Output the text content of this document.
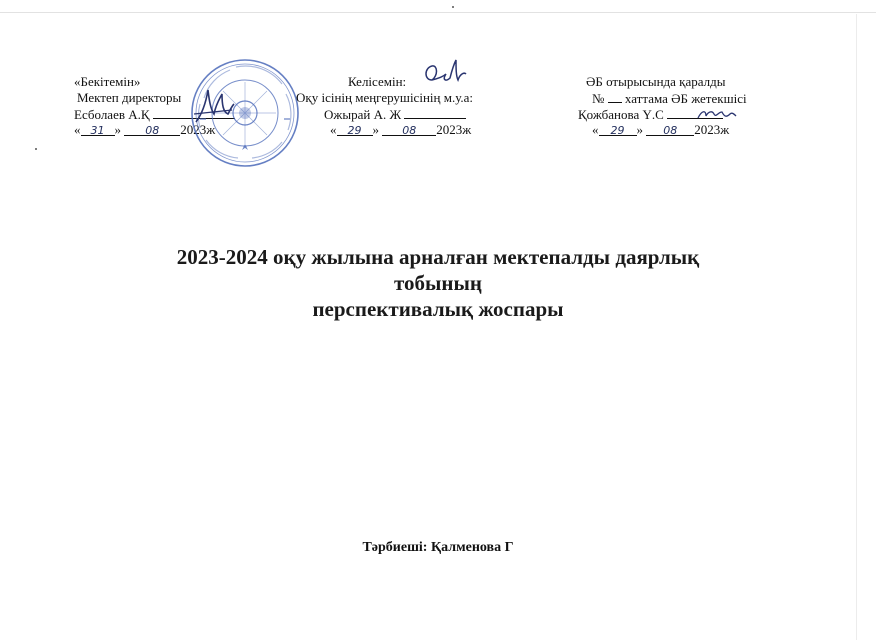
«Бекітемін»
Мектеп директоры
Есболаев А.Қ
« 31 » 08 2023ж
Келісемін:
Оқу ісінің меңгерушісінің м.у.а:
Ожырай А. Ж
« 29 » 08 2023ж
ӘБ отырысында қаралды
№ хаттама ӘБ жетекшісі
Қожбанова Ү.С
« 29 » 08 2023ж
2023-2024 оқу жылына арналған мектепалды даярлық
тобының
перспективалық жоспары
Тәрбиеші: Қалменова Г
